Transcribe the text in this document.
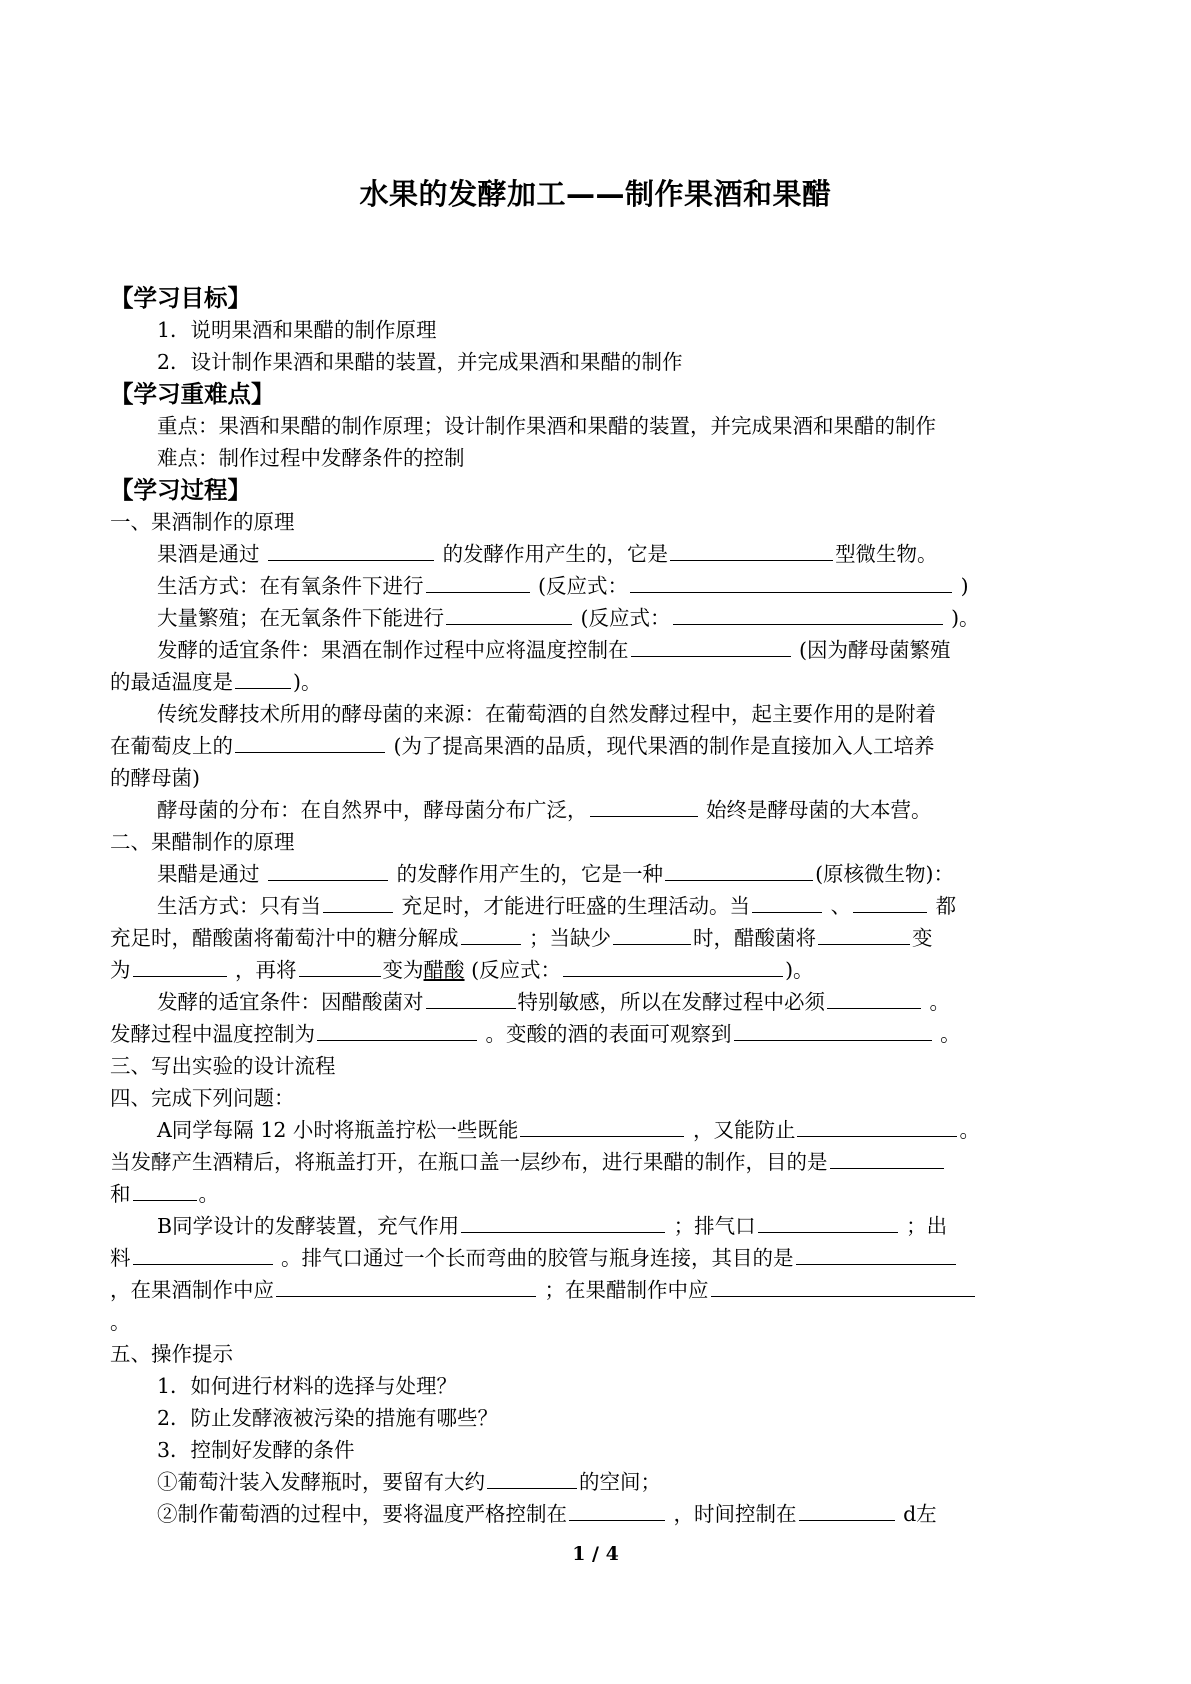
水果的发酵加工——制作果酒和果醋
【学习目标】
1．说明果酒和果醋的制作原理
2．设计制作果酒和果醋的装置，并完成果酒和果醋的制作
【学习重难点】
重点：果酒和果醋的制作原理；设计制作果酒和果醋的装置，并完成果酒和果醋的制作
难点：制作过程中发酵条件的控制
【学习过程】
一、果酒制作的原理
果酒是通过	的发酵作用产生的，它是	型微生物。
生活方式：在有氧条件下进行	(反应式：	)
大量繁殖；在无氧条件下能进行	(反应式：	)。
发酵的适宜条件：果酒在制作过程中应将温度控制在	(因为酵母菌繁殖
的最适温度是	)。
传统发酵技术所用的酵母菌的来源：在葡萄酒的自然发酵过程中，起主要作用的是附着
在葡萄皮上的	(为了提高果酒的品质，现代果酒的制作是直接加入人工培养
的酵母菌)
酵母菌的分布：在自然界中，酵母菌分布广泛，	始终是酵母菌的大本营。
二、果醋制作的原理
果醋是通过	的发酵作用产生的，它是一种	(原核微生物)：
生活方式：只有当	充足时，才能进行旺盛的生理活动。当	、	都
充足时，醋酸菌将葡萄汁中的糖分解成	；当缺少	时，醋酸菌将	变
为	，再将	变为醋酸 (反应式：	)。
发酵的适宜条件：因醋酸菌对	特别敏感，所以在发酵过程中必须	。
发酵过程中温度控制为	。变酸的酒的表面可观察到	。
三、写出实验的设计流程
四、完成下列问题：
A同学每隔 12 小时将瓶盖拧松一些既能	，又能防止	。
当发酵产生酒精后，将瓶盖打开，在瓶口盖一层纱布，进行果醋的制作，目的是
和	。
B同学设计的发酵装置，充气作用	；排气口	；出
料	。排气口通过一个长而弯曲的胶管与瓶身连接，其目的是
，在果酒制作中应	；在果醋制作中应
。
五、操作提示
1．如何进行材料的选择与处理？
2．防止发酵液被污染的措施有哪些？
3．控制好发酵的条件
①葡萄汁装入发酵瓶时，要留有大约	的空间；
②制作葡萄酒的过程中，要将温度严格控制在	，时间控制在	d左
1 / 4
